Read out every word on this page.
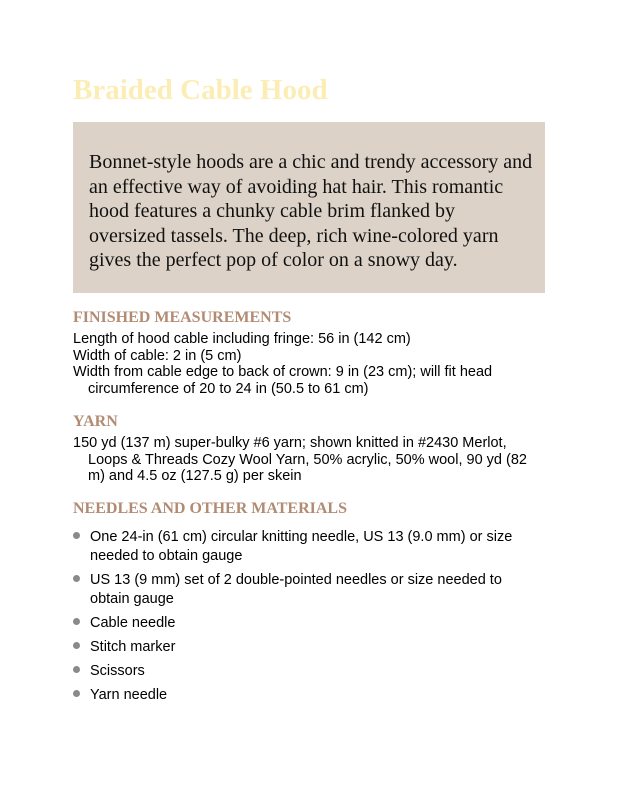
Braided Cable Hood

Bonnet-style hoods are a chic and trendy accessory and an effective way of avoiding hat hair. This romantic hood features a chunky cable brim flanked by oversized tassels. The deep, rich wine-colored yarn gives the perfect pop of color on a snowy day.

FINISHED MEASUREMENTS

Length of hood cable including fringe: 56 in (142 cm)

Width of cable: 2 in (5 cm)

Width from cable edge to back of crown: 9 in (23 cm); will fit head circumference of 20 to 24 in (50.5 to 61 cm)

YARN

150 yd (137 m) super-bulky #6 yarn; shown knitted in #2430 Merlot, Loops & Threads Cozy Wool Yarn, 50% acrylic, 50% wool, 90 yd (82 m) and 4.5 oz (127.5 g) per skein

NEEDLES AND OTHER MATERIALS
One 24-in (61 cm) circular knitting needle, US 13 (9.0 mm) or size needed to obtain gauge
US 13 (9 mm) set of 2 double-pointed needles or size needed to obtain gauge
Cable needle
Stitch marker
Scissors
Yarn needle
